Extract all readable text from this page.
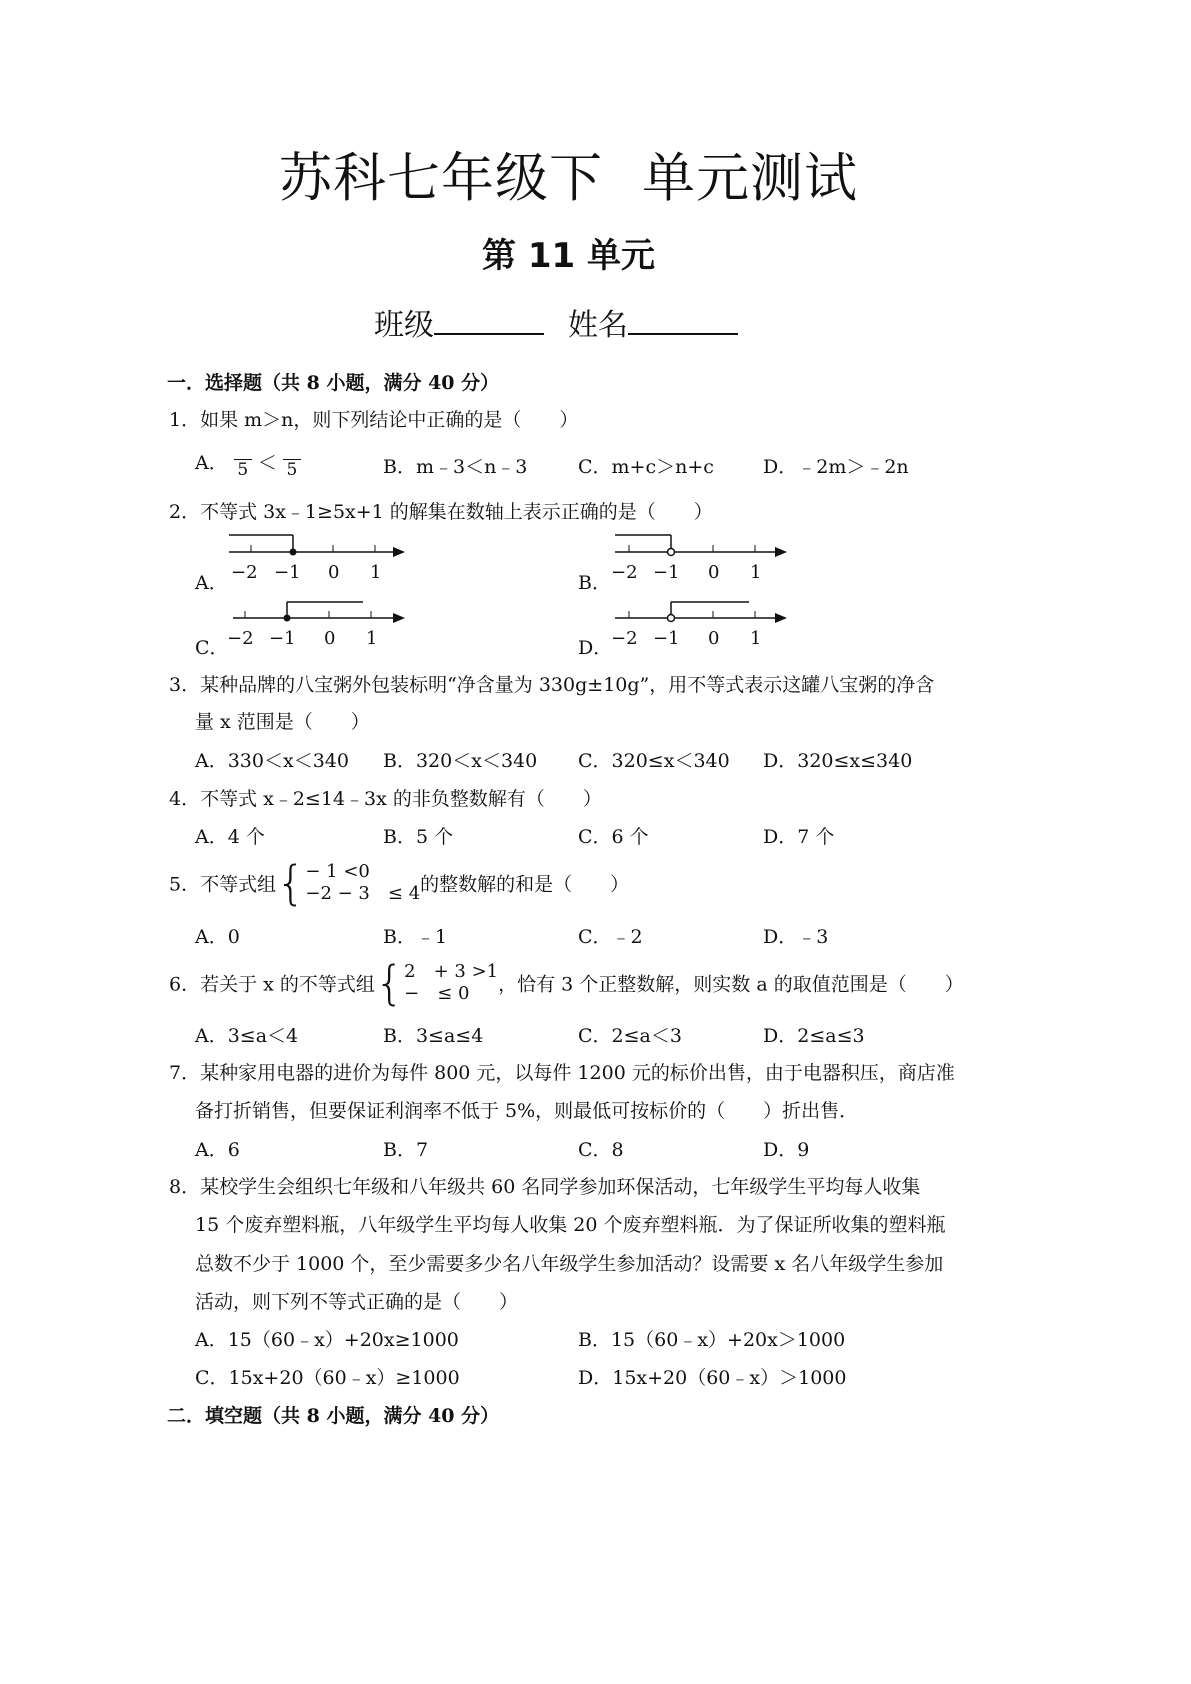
苏科七年级下 单元测试
第 11 单元
班级	姓名
一．选择题（共 8 小题，满分 40 分）
1．如果 m＞n，则下列结论中正确的是（　　）
A． 5 ＜ 5	B．m﹣3＜n﹣3	C．m+c＞n+c	D．﹣2m＞﹣2n
2．不等式 3x﹣1≥5x+1 的解集在数轴上表示正确的是（　　）
A． −2 −1 0 1	B． −2 −1 0 1
C．
−2 −1 0 1	D．
−2 −1 0 1
3．某种品牌的八宝粥外包装标明“净含量为 330g±10g”，用不等式表示这罐八宝粥的净含
量 x 范围是（　　）
A．330＜x＜340 B．320＜x＜340 C．320≤x＜340 D．320≤x≤340
4．不等式 x﹣2≤14﹣3x 的非负整数解有（　　）
A．4 个	B．5 个	C．6 个	D．7 个
5．不等式组{ − 1 <0
−2 − 3　≤ 4 的整数解的和是（　　）
A．0	B．﹣1	C．﹣2	D．﹣3
6．若关于 x 的不等式组{ 2　+ 3 >1
−　≤ 0	，恰有 3 个正整数解，则实数 a 的取值范围是（　　）
A．3≤a＜4	B．3≤a≤4	C．2≤a＜3	D．2≤a≤3
7．某种家用电器的进价为每件 800 元，以每件 1200 元的标价出售，由于电器积压，商店准
备打折销售，但要保证利润率不低于 5%，则最低可按标价的（　　）折出售．
A．6	B．7	C．8	D．9
8．某校学生会组织七年级和八年级共 60 名同学参加环保活动，七年级学生平均每人收集
15 个废弃塑料瓶，八年级学生平均每人收集 20 个废弃塑料瓶．为了保证所收集的塑料瓶
总数不少于 1000 个，至少需要多少名八年级学生参加活动？设需要 x 名八年级学生参加
活动，则下列不等式正确的是（　　）
A．15（60﹣x）+20x≥1000	B．15（60﹣x）+20x＞1000
C．15x+20（60﹣x）≥1000	D．15x+20（60﹣x）＞1000
二．填空题（共 8 小题，满分 40 分）
